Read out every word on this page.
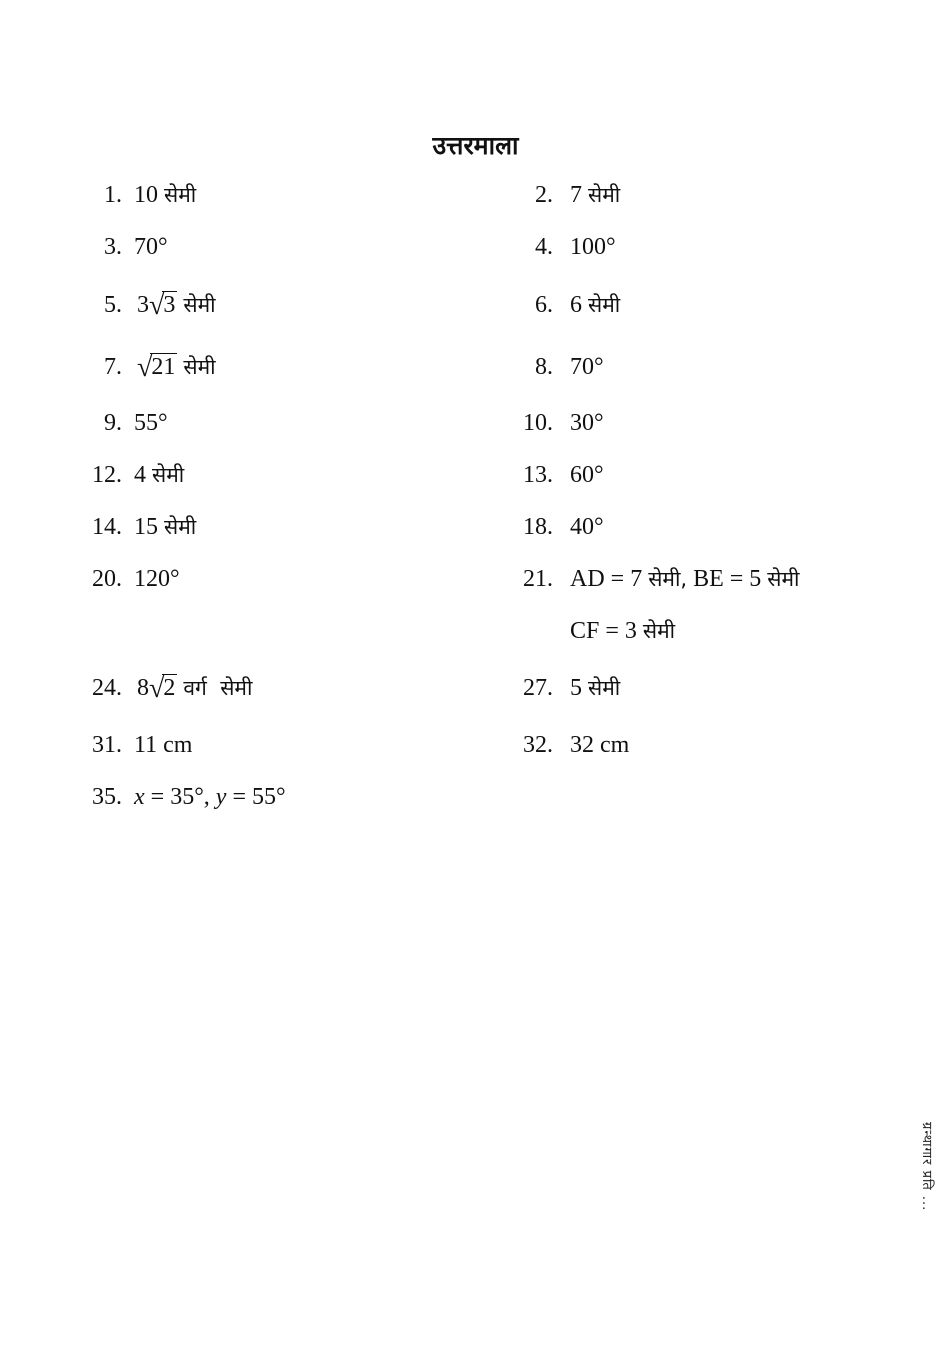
उत्तरमाला
1. 10 सेमी	2. 7 सेमी
3. 70°	4. 100°
5. 3√3 सेमी	6. 6 सेमी
7. √21 सेमी	8. 70°
9. 55°	10. 30°
12. 4 सेमी	13. 60°
14. 15 सेमी	18. 40°
20. 120°	21. AD = 7 सेमी, BE = 5 सेमी
CF = 3 सेमी
24. 8√2 वर्ग  सेमी	27. 5 सेमी
31. 11 cm	32. 32 cm
35. x = 35°, y = 55°
ग्रन्थागार प्रति ...
